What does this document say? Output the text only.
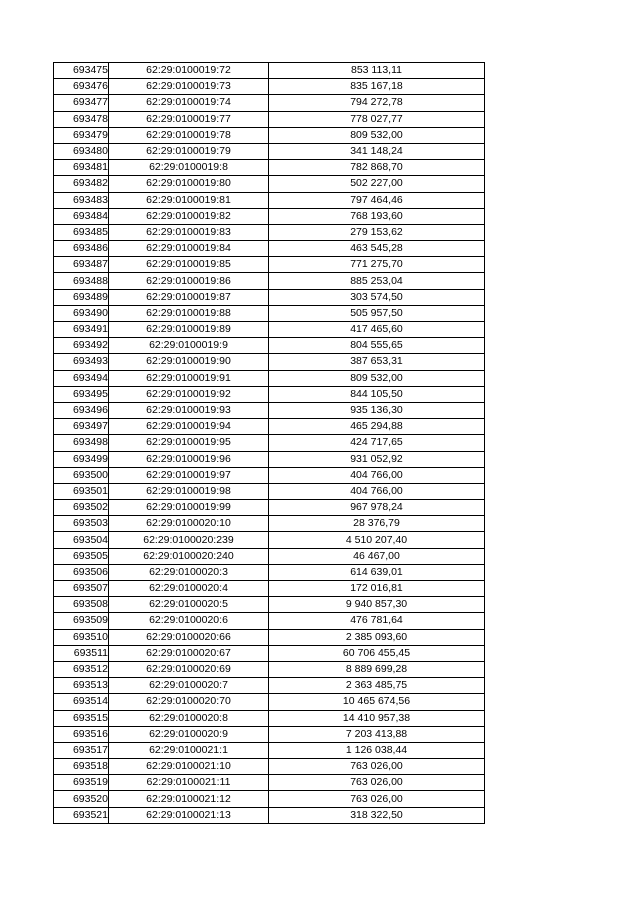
693475	62:29:0100019:72	853 113,11
693476	62:29:0100019:73	835 167,18
693477	62:29:0100019:74	794 272,78
693478	62:29:0100019:77	778 027,77
693479	62:29:0100019:78	809 532,00
693480	62:29:0100019:79	341 148,24
693481	62:29:0100019:8	782 868,70
693482	62:29:0100019:80	502 227,00
693483	62:29:0100019:81	797 464,46
693484	62:29:0100019:82	768 193,60
693485	62:29:0100019:83	279 153,62
693486	62:29:0100019:84	463 545,28
693487	62:29:0100019:85	771 275,70
693488	62:29:0100019:86	885 253,04
693489	62:29:0100019:87	303 574,50
693490	62:29:0100019:88	505 957,50
693491	62:29:0100019:89	417 465,60
693492	62:29:0100019:9	804 555,65
693493	62:29:0100019:90	387 653,31
693494	62:29:0100019:91	809 532,00
693495	62:29:0100019:92	844 105,50
693496	62:29:0100019:93	935 136,30
693497	62:29:0100019:94	465 294,88
693498	62:29:0100019:95	424 717,65
693499	62:29:0100019:96	931 052,92
693500	62:29:0100019:97	404 766,00
693501	62:29:0100019:98	404 766,00
693502	62:29:0100019:99	967 978,24
693503	62:29:0100020:10	28 376,79
693504	62:29:0100020:239	4 510 207,40
693505	62:29:0100020:240	46 467,00
693506	62:29:0100020:3	614 639,01
693507	62:29:0100020:4	172 016,81
693508	62:29:0100020:5	9 940 857,30
693509	62:29:0100020:6	476 781,64
693510	62:29:0100020:66	2 385 093,60
693511	62:29:0100020:67	60 706 455,45
693512	62:29:0100020:69	8 889 699,28
693513	62:29:0100020:7	2 363 485,75
693514	62:29:0100020:70	10 465 674,56
693515	62:29:0100020:8	14 410 957,38
693516	62:29:0100020:9	7 203 413,88
693517	62:29:0100021:1	1 126 038,44
693518	62:29:0100021:10	763 026,00
693519	62:29:0100021:11	763 026,00
693520	62:29:0100021:12	763 026,00
693521	62:29:0100021:13	318 322,50
